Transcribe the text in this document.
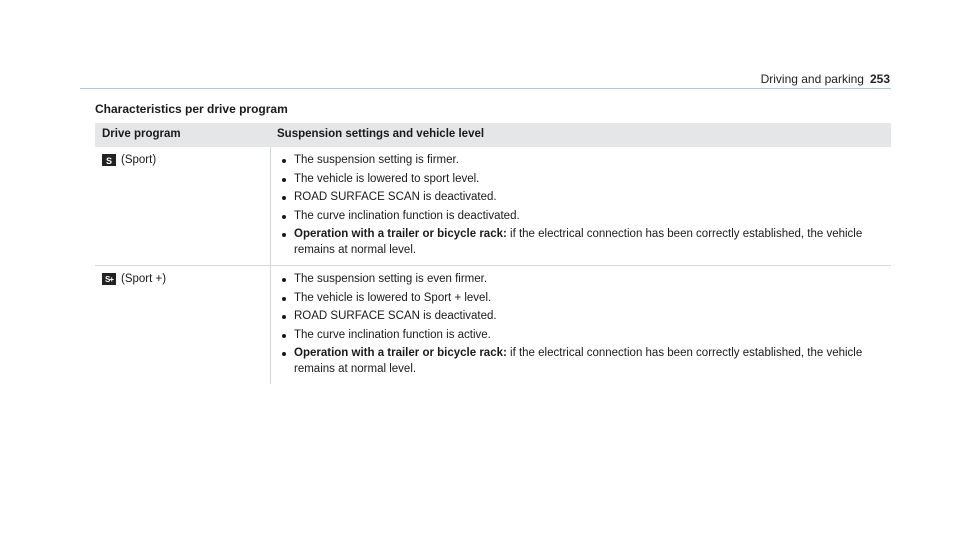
Driving and parking 253
Characteristics per drive program
Drive program	Suspension settings and vehicle level
S (Sport)	The suspension setting is firmer.
The vehicle is lowered to sport level.
ROAD SURFACE SCAN is deactivated.
The curve inclination function is deactivated.
Operation with a trailer or bicycle rack: if the electrical connection has been correctly established, the vehicle remains at normal level.
S+ (Sport +)	The suspension setting is even firmer.
The vehicle is lowered to Sport + level.
ROAD SURFACE SCAN is deactivated.
The curve inclination function is active.
Operation with a trailer or bicycle rack: if the electrical connection has been correctly established, the vehicle remains at normal level.
